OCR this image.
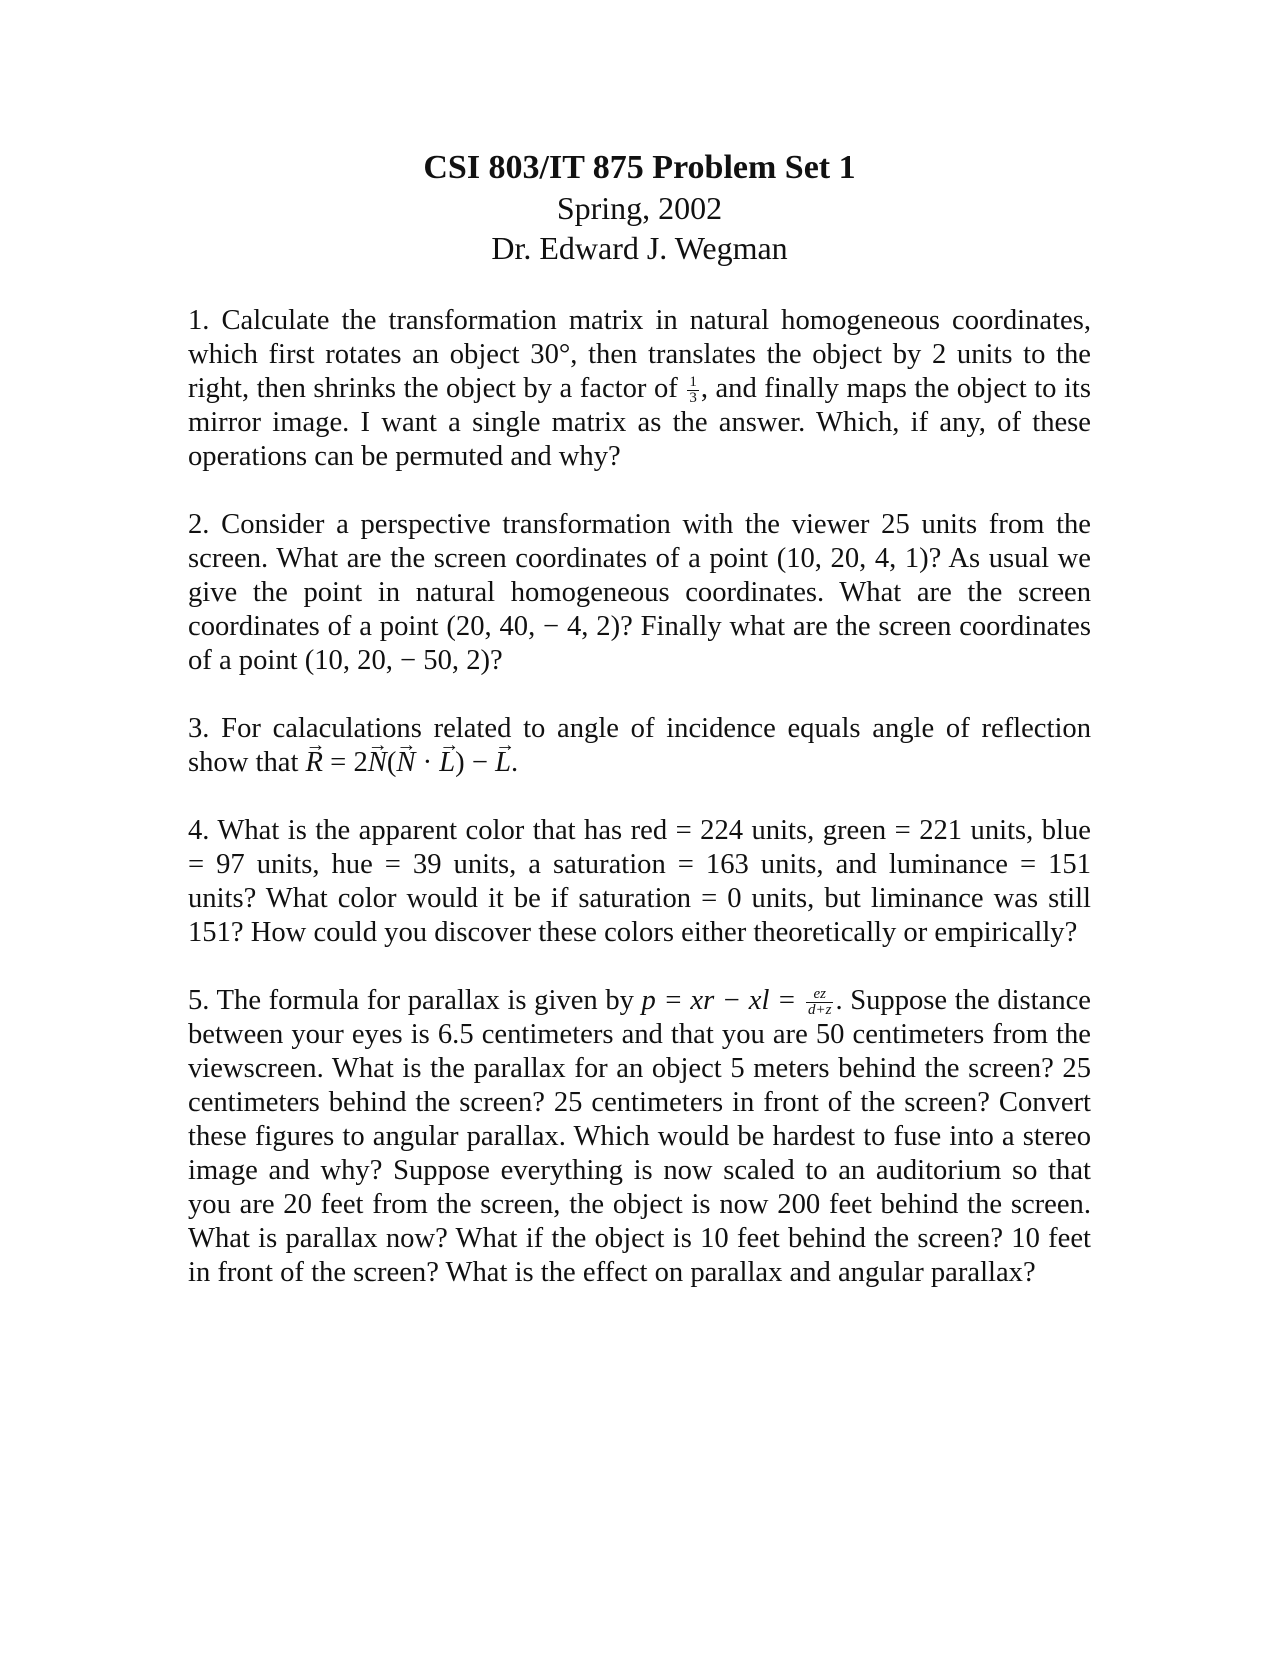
CSI 803/IT 875 Problem Set 1
Spring, 2002
Dr. Edward J. Wegman

1. Calculate the transformation matrix in natural homogeneous coordinates, which first rotates an object 30°, then translates the object by 2 units to the right, then shrinks the object by a factor of $\frac{1}{3}$ , and finally maps the object to its mirror image. I want a single matrix as the answer. Which, if any, of these operations can be permuted and why?

2. Consider a perspective transformation with the viewer 25 units from the screen. What are the screen coordinates of a point (10, 20, 4, 1)? As usual we give the point in natural homogeneous coordinates. What are the screen coordinates of a point (20, 40, − 4, 2)? Finally what are the screen coordinates of a point (10, 20, − 50, 2)?

3. For calaculations related to angle of incidence equals angle of reflection show that → R = 2→ N(→ N · → L) − → L.

4. What is the apparent color that has red = 224 units, green = 221 units, blue = 97 units, hue = 39 units, a saturation = 163 units, and luminance = 151 units? What color would it be if saturation = 0 units, but liminance was still 151? How could you discover these colors either theoretically or empirically?

5. The formula for parallax is given by p = xr − xl = $\frac{ez}{d+z}$ . Suppose the distance between your eyes is 6.5 centimeters and that you are 50 centimeters from the viewscreen. What is the parallax for an object 5 meters behind the screen? 25 centimeters behind the screen? 25 centimeters in front of the screen? Convert these figures to angular parallax. Which would be hardest to fuse into a stereo image and why? Suppose everything is now scaled to an auditorium so that you are 20 feet from the screen, the object is now 200 feet behind the screen. What is parallax now? What if the object is 10 feet behind the screen? 10 feet in front of the screen? What is the effect on parallax and angular parallax?
